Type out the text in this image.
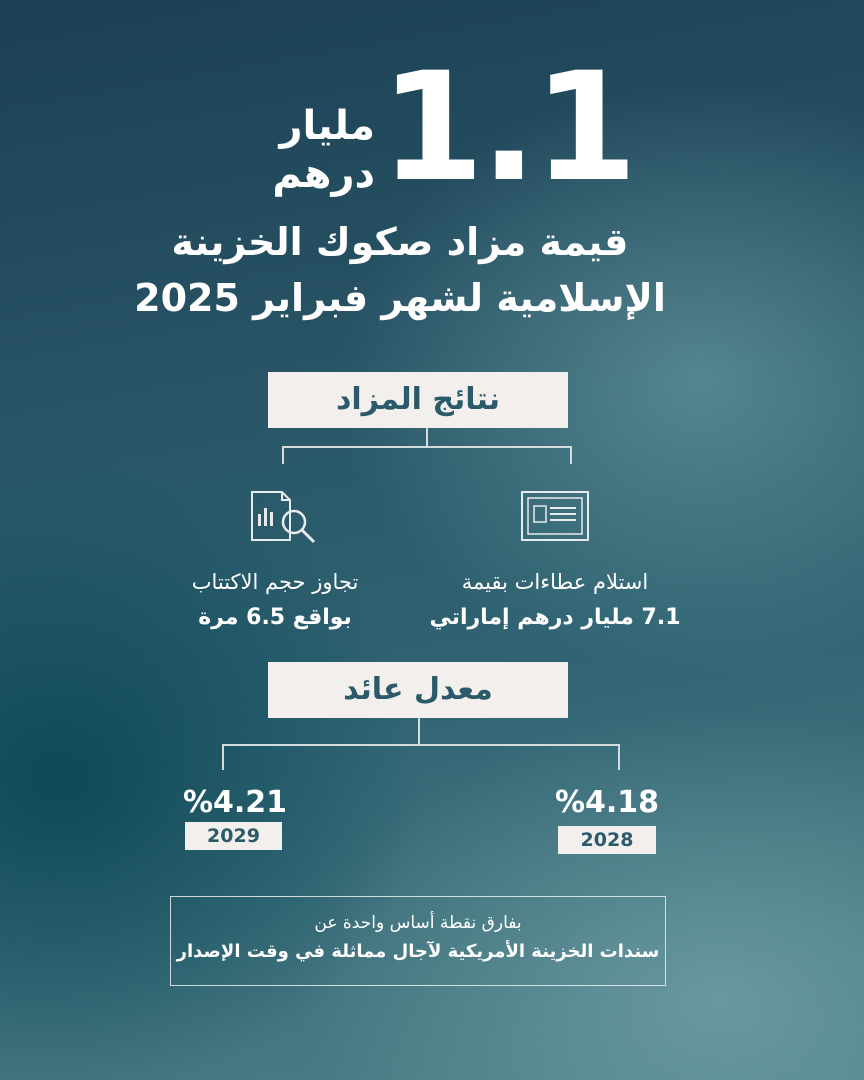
1.1
مليار
درهم
قيمة مزاد صكوك الخزينة
الإسلامية لشهر فبراير 2025
نتائج المزاد
تجاوز حجم الاكتتاب
بواقع 6.5 مرة
استلام عطاءات بقيمة
7.1 مليار درهم إماراتي
معدل عائد
%4.21
2029
%4.18
2028
بفارق نقطة أساس واحدة عن
سندات الخزينة الأمريكية لآجال مماثلة في وقت الإصدار
